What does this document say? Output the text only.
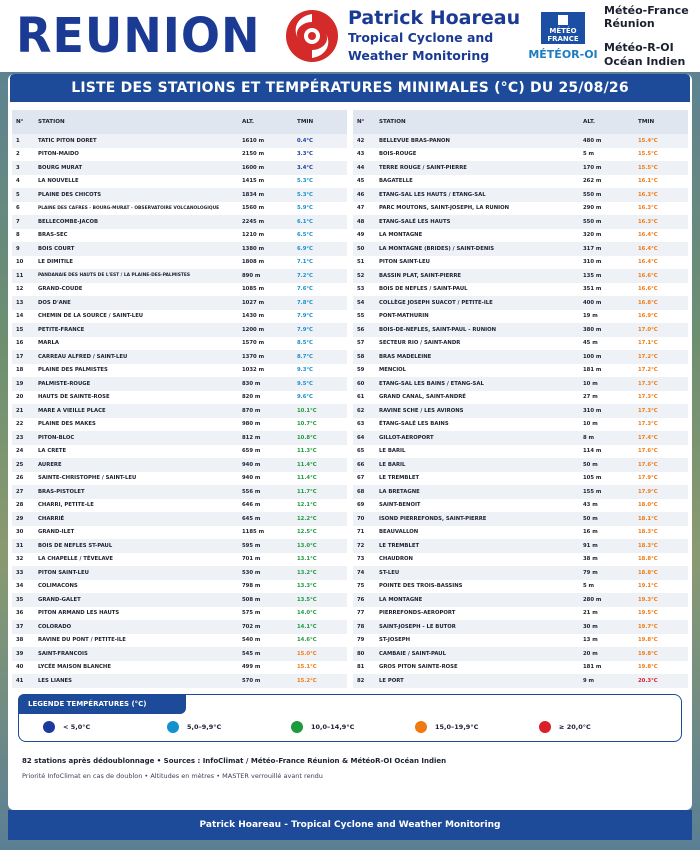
REUNION	Patrick Hoareau
Tropical Cyclone and
Weather Monitoring
MÉTÉO
FRANCE
MÉTÉOR-OI
Météo-France
Réunion
Météo-R-OI
Océan Indien
LISTE DES STATIONS ET TEMPÉRATURES MINIMALES (°C) DU 25/08/26
N°	STATION	ALT.	TMIN
1	TATIC PITON DORET	1610 m	0.4°C
2	PITON-MAIDO	2150 m	3.3°C
3	BOURG MURAT	1600 m	3.4°C
4	LA NOUVELLE	1415 m	5.3°C
5	PLAINE DES CHICOTS	1834 m	5.3°C
6	PLAINE DES CAFRES - BOURG-MURAT - OBSERVATOIRE VOLCANOLOGIQUE	1560 m	5.9°C
7	BELLECOMBE-JACOB	2245 m	6.1°C
8	BRAS-SEC	1210 m	6.5°C
9	BOIS COURT	1380 m	6.9°C
10	LE DIMITILE	1808 m	7.1°C
11	PANDANAIE DES HAUTS DE L'EST / LA PLAINE-DES-PALMISTES	890 m	7.2°C
12	GRAND-COUDE	1085 m	7.6°C
13	DOS D'ANE	1027 m	7.8°C
14	CHEMIN DE LA SOURCE / SAINT-LEU	1430 m	7.9°C
15	PETITE-FRANCE	1200 m	7.9°C
16	MARLA	1570 m	8.5°C
17	CARREAU ALFRED / SAINT-LEU	1370 m	8.7°C
18	PLAINE DES PALMISTES	1032 m	9.3°C
19	PALMISTE-ROUGE	830 m	9.5°C
20	HAUTS DE SAINTE-ROSE	820 m	9.6°C
21	MARE A VIEILLE PLACE	870 m	10.1°C
22	PLAINE DES MAKES	980 m	10.7°C
23	PITON-BLOC	812 m	10.8°C
24	LA CRETE	659 m	11.3°C
25	AURERE	940 m	11.4°C
26	SAINTE-CHRISTOPHE / SAINT-LEU	940 m	11.4°C
27	BRAS-PISTOLET	556 m	11.7°C
28	CHARRI, PETITE-LE	646 m	12.1°C
29	CHARRIÉ	645 m	12.2°C
30	GRAND-ILET	1185 m	12.5°C
31	BOIS DE NEFLES ST-PAUL	595 m	13.0°C
32	LA CHAPELLE / TÉVELAVE	701 m	13.1°C
33	PITON SAINT-LEU	530 m	13.2°C
34	COLIMACONS	798 m	13.3°C
35	GRAND-GALET	508 m	13.5°C
36	PITON ARMAND LES HAUTS	575 m	14.0°C
37	COLORADO	702 m	14.1°C
38	RAVINE DU PONT / PETITE-ILE	540 m	14.6°C
39	SAINT-FRANCOIS	545 m	15.0°C
40	LYCÉE MAISON BLANCHE	499 m	15.1°C
41	LES LIANES	570 m	15.2°C
N°	STATION	ALT.	TMIN
42	BELLEVUE BRAS-PANON	480 m	15.4°C
43	BOIS-ROUGE	5 m	15.5°C
44	TERRE ROUGE / SAINT-PIERRE	170 m	15.5°C
45	BAGATELLE	262 m	16.1°C
46	ETANG-SAL LES HAUTS / ETANG-SAL	550 m	16.3°C
47	PARC MOUTONS, SAINT-JOSEPH, LA RUNION	290 m	16.3°C
48	ETANG-SALÉ LES HAUTS	550 m	16.3°C
49	LA MONTAGNE	320 m	16.4°C
50	LA MONTAGNE (BRIDES) / SAINT-DENIS	317 m	16.4°C
51	PITON SAINT-LEU	310 m	16.4°C
52	BASSIN PLAT, SAINT-PIERRE	135 m	16.6°C
53	BOIS DE NEFLES / SAINT-PAUL	351 m	16.6°C
54	COLLÈGE JOSEPH SUACOT / PETITE-ILE	400 m	16.8°C
55	PONT-MATHURIN	19 m	16.9°C
56	BOIS-DE-NEFLES, SAINT-PAUL - RUNION	380 m	17.0°C
57	SECTEUR RIO / SAINT-ANDR	45 m	17.1°C
58	BRAS MADELEINE	100 m	17.2°C
59	MENCIOL	181 m	17.2°C
60	ETANG-SAL LES BAINS / ETANG-SAL	10 m	17.3°C
61	GRAND CANAL, SAINT-ANDRÉ	27 m	17.3°C
62	RAVINE SCHE / LES AVIRONS	310 m	17.3°C
63	ÉTANG-SALÉ LES BAINS	10 m	17.3°C
64	GILLOT-AEROPORT	8 m	17.4°C
65	LE BARIL	114 m	17.6°C
66	LE BARIL	50 m	17.6°C
67	LE TREMBLET	105 m	17.9°C
68	LA BRETAGNE	155 m	17.9°C
69	SAINT-BENOIT	43 m	18.0°C
70	ISOND PIERREFONDS, SAINT-PIERRE	50 m	18.1°C
71	BEAUVALLON	16 m	18.3°C
72	LE TREMBLET	91 m	18.3°C
73	CHAUDRON	38 m	18.8°C
74	ST-LEU	79 m	18.8°C
75	POINTE DES TROIS-BASSINS	5 m	19.1°C
76	LA MONTAGNE	280 m	19.3°C
77	PIERREFONDS-AEROPORT	21 m	19.5°C
78	SAINT-JOSEPH - LE BUTOR	30 m	19.7°C
79	ST-JOSEPH	13 m	19.8°C
80	CAMBAIE / SAINT-PAUL	20 m	19.8°C
81	GROS PITON SAINTE-ROSE	181 m	19.8°C
82	LE PORT	9 m	20.3°C
LEGENDE TEMPÉRATURES (°C)
< 5,0°C	5,0–9,9°C	10,0–14,9°C	15,0–19,9°C	≥ 20,0°C
82 stations après dédoublonnage • Sources : InfoClimat / Météo-France Réunion & MétéoR-OI Océan Indien
Priorité InfoClimat en cas de doublon • Altitudes en mètres • MASTER verrouillé avant rendu
Patrick Hoareau - Tropical Cyclone and Weather Monitoring
